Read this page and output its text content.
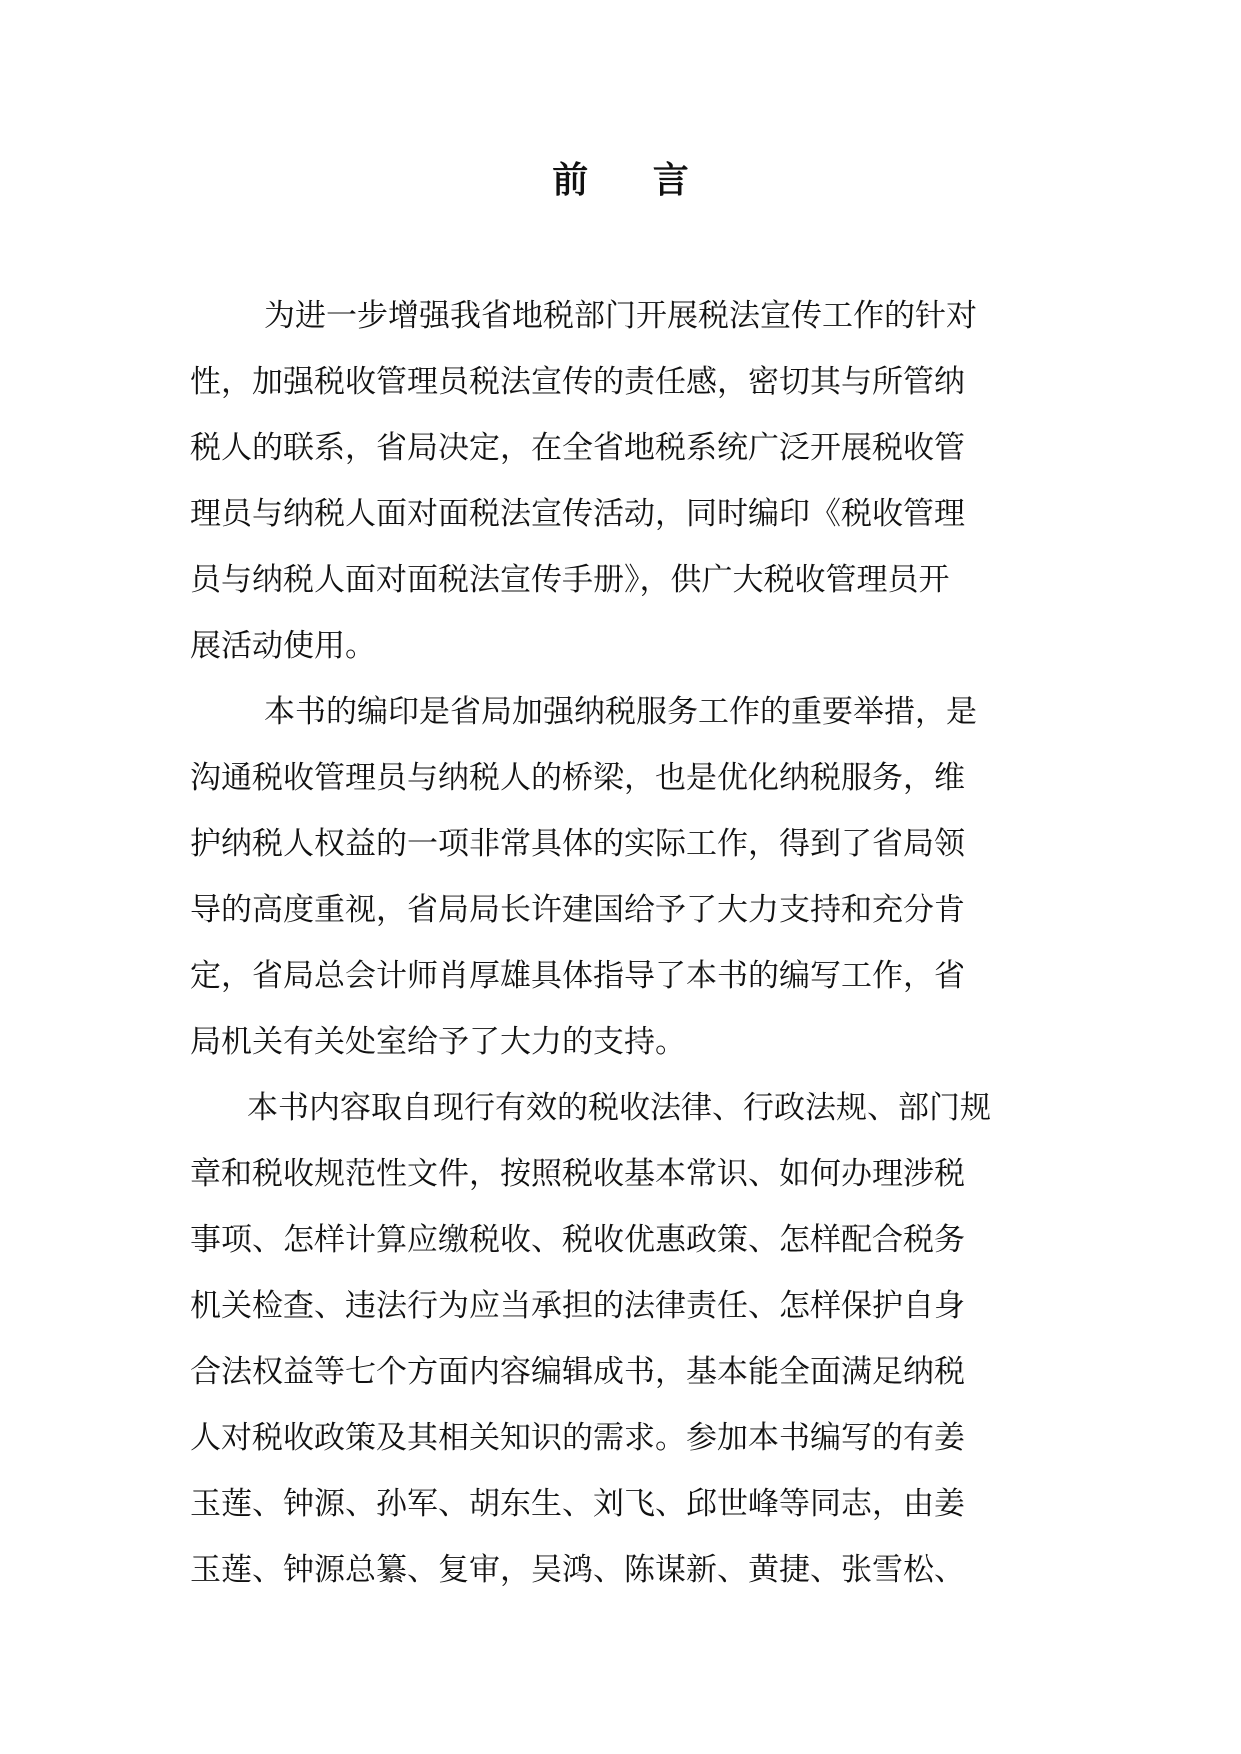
前 言
为进一步增强我省地税部门开展税法宣传工作的针对
性，加强税收管理员税法宣传的责任感，密切其与所管纳
税人的联系，省局决定，在全省地税系统广泛开展税收管
理员与纳税人面对面税法宣传活动，同时编印《税收管理
员与纳税人面对面税法宣传手册》，供广大税收管理员开
展活动使用。
本书的编印是省局加强纳税服务工作的重要举措，是
沟通税收管理员与纳税人的桥梁，也是优化纳税服务，维
护纳税人权益的一项非常具体的实际工作，得到了省局领
导的高度重视，省局局长许建国给予了大力支持和充分肯
定，省局总会计师肖厚雄具体指导了本书的编写工作，省
局机关有关处室给予了大力的支持。
本书内容取自现行有效的税收法律、行政法规、部门规
章和税收规范性文件，按照税收基本常识、如何办理涉税
事项、怎样计算应缴税收、税收优惠政策、怎样配合税务
机关检查、违法行为应当承担的法律责任、怎样保护自身
合法权益等七个方面内容编辑成书，基本能全面满足纳税
人对税收政策及其相关知识的需求。参加本书编写的有姜
玉莲、钟源、孙军、胡东生、刘飞、邱世峰等同志，由姜
玉莲、钟源总纂、复审，吴鸿、陈谋新、黄捷、张雪松、
